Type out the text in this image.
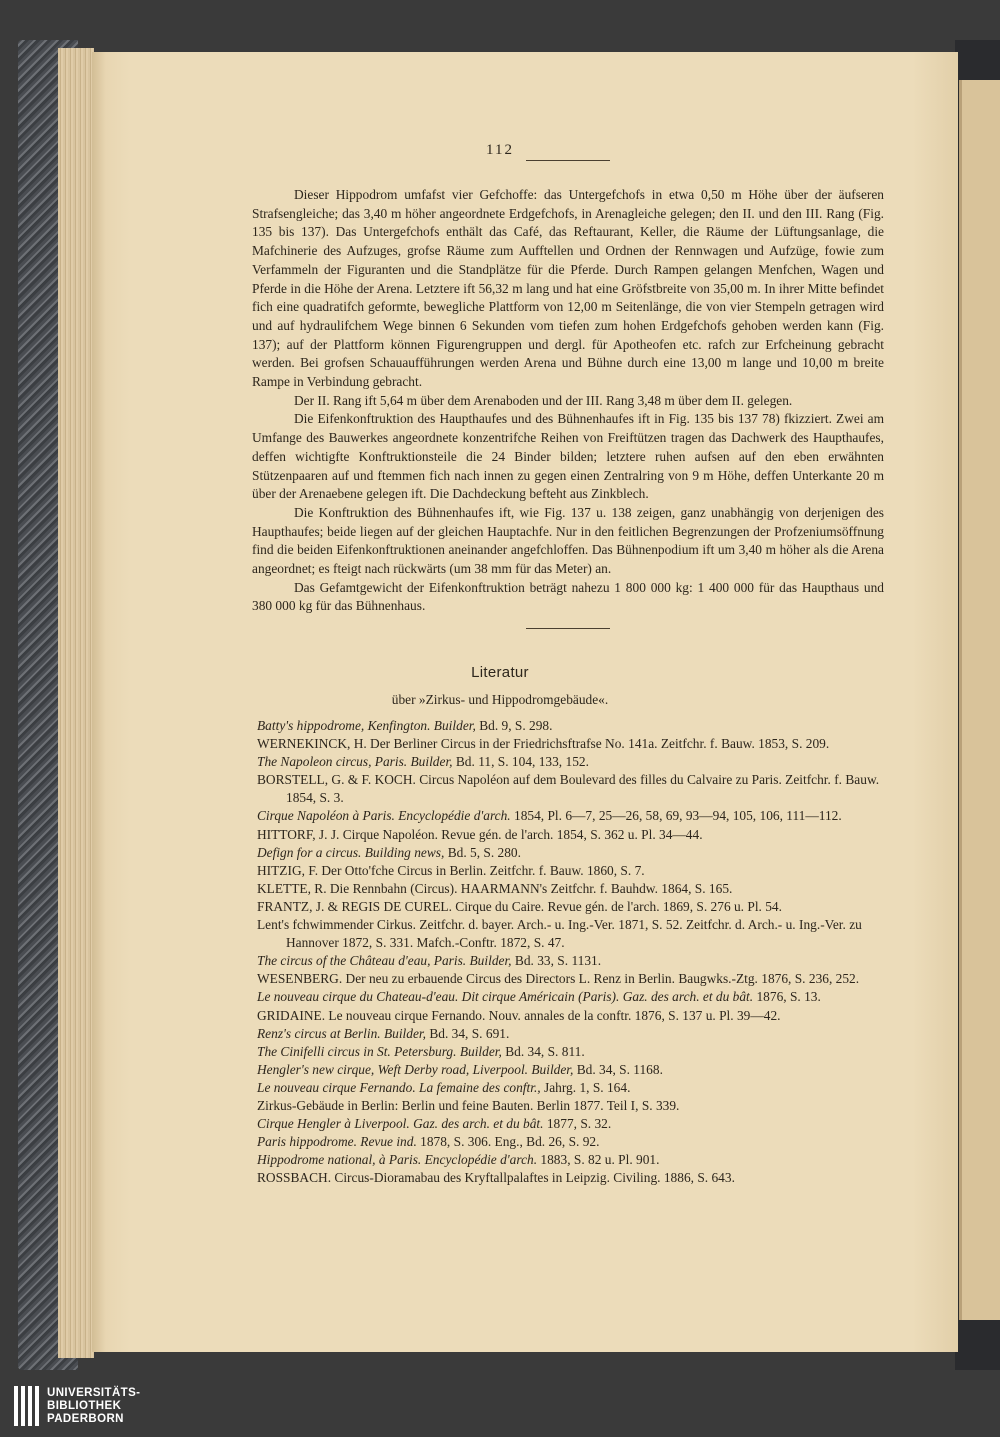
112

Dieser Hippodrom umfafst vier Gefchoffe: das Untergefchofs in etwa 0,50 m Höhe über der äufseren Strafsengleiche; das 3,40 m höher angeordnete Erdgefchofs, in Arenagleiche gelegen; den II. und den III. Rang (Fig. 135 bis 137). Das Untergefchofs enthält das Café, das Reftaurant, Keller, die Räume der Lüftungsanlage, die Mafchinerie des Aufzuges, grofse Räume zum Aufftellen und Ordnen der Rennwagen und Aufzüge, fowie zum Verfammeln der Figuranten und die Standplätze für die Pferde. Durch Rampen gelangen Menfchen, Wagen und Pferde in die Höhe der Arena. Letztere ift 56,32 m lang und hat eine Gröfstbreite von 35,00 m. In ihrer Mitte befindet fich eine quadratifch geformte, bewegliche Plattform von 12,00 m Seitenlänge, die von vier Stempeln getragen wird und auf hydraulifchem Wege binnen 6 Sekunden vom tiefen zum hohen Erdgefchofs gehoben werden kann (Fig. 137); auf der Plattform können Figurengruppen und dergl. für Apotheofen etc. rafch zur Erfcheinung gebracht werden. Bei grofsen Schauaufführungen werden Arena und Bühne durch eine 13,00 m lange und 10,00 m breite Rampe in Verbindung gebracht.

Der II. Rang ift 5,64 m über dem Arenaboden und der III. Rang 3,48 m über dem II. gelegen.

Die Eifenkonftruktion des Haupthaufes und des Bühnenhaufes ift in Fig. 135 bis 137 78) fkizziert. Zwei am Umfange des Bauwerkes angeordnete konzentrifche Reihen von Freiftützen tragen das Dachwerk des Haupthaufes, deffen wichtigfte Konftruktionsteile die 24 Binder bilden; letztere ruhen aufsen auf den eben erwähnten Stützenpaaren auf und ftemmen fich nach innen zu gegen einen Zentralring von 9 m Höhe, deffen Unterkante 20 m über der Arenaebene gelegen ift. Die Dachdeckung befteht aus Zinkblech.

Die Konftruktion des Bühnenhaufes ift, wie Fig. 137 u. 138 zeigen, ganz unabhängig von derjenigen des Haupthaufes; beide liegen auf der gleichen Hauptachfe. Nur in den feitlichen Begrenzungen der Profzeniumsöffnung find die beiden Eifenkonftruktionen aneinander angefchloffen. Das Bühnenpodium ift um 3,40 m höher als die Arena angeordnet; es fteigt nach rückwärts (um 38 mm für das Meter) an.

Das Gefamtgewicht der Eifenkonftruktion beträgt nahezu 1 800 000 kg: 1 400 000 für das Haupthaus und 380 000 kg für das Bühnenhaus.

Literatur
über »Zirkus- und Hippodromgebäude«.

Batty's hippodrome, Kenfington. Builder, Bd. 9, S. 298.

WERNEKINCK, H. Der Berliner Circus in der Friedrichsftrafse No. 141a. Zeitfchr. f. Bauw. 1853, S. 209.

The Napoleon circus, Paris. Builder, Bd. 11, S. 104, 133, 152.

BORSTELL, G. & F. KOCH. Circus Napoléon auf dem Boulevard des filles du Calvaire zu Paris. Zeitfchr. f. Bauw. 1854, S. 3.

Cirque Napoléon à Paris. Encyclopédie d'arch. 1854, Pl. 6—7, 25—26, 58, 69, 93—94, 105, 106, 111—112.

HITTORF, J. J. Cirque Napoléon. Revue gén. de l'arch. 1854, S. 362 u. Pl. 34—44.

Defign for a circus. Building news, Bd. 5, S. 280.

HITZIG, F. Der Otto'fche Circus in Berlin. Zeitfchr. f. Bauw. 1860, S. 7.

KLETTE, R. Die Rennbahn (Circus). HAARMANN's Zeitfchr. f. Bauhdw. 1864, S. 165.

FRANTZ, J. & REGIS DE CUREL. Cirque du Caire. Revue gén. de l'arch. 1869, S. 276 u. Pl. 54.

Lent's fchwimmender Cirkus. Zeitfchr. d. bayer. Arch.- u. Ing.-Ver. 1871, S. 52. Zeitfchr. d. Arch.- u. Ing.-Ver. zu Hannover 1872, S. 331. Mafch.-Conftr. 1872, S. 47.

The circus of the Château d'eau, Paris. Builder, Bd. 33, S. 1131.

WESENBERG. Der neu zu erbauende Circus des Directors L. Renz in Berlin. Baugwks.-Ztg. 1876, S. 236, 252.

Le nouveau cirque du Chateau-d'eau. Dit cirque Américain (Paris). Gaz. des arch. et du bât. 1876, S. 13.

GRIDAINE. Le nouveau cirque Fernando. Nouv. annales de la conftr. 1876, S. 137 u. Pl. 39—42.

Renz's circus at Berlin. Builder, Bd. 34, S. 691.

The Cinifelli circus in St. Petersburg. Builder, Bd. 34, S. 811.

Hengler's new cirque, Weft Derby road, Liverpool. Builder, Bd. 34, S. 1168.

Le nouveau cirque Fernando. La femaine des conftr., Jahrg. 1, S. 164.

Zirkus-Gebäude in Berlin: Berlin und feine Bauten. Berlin 1877. Teil I, S. 339.

Cirque Hengler à Liverpool. Gaz. des arch. et du bât. 1877, S. 32.

Paris hippodrome. Revue ind. 1878, S. 306. Eng., Bd. 26, S. 92.

Hippodrome national, à Paris. Encyclopédie d'arch. 1883, S. 82 u. Pl. 901.

ROSSBACH. Circus-Dioramabau des Kryftallpalaftes in Leipzig. Civiling. 1886, S. 643.

UNIVERSITÄTS-
BIBLIOTHEK
PADERBORN
